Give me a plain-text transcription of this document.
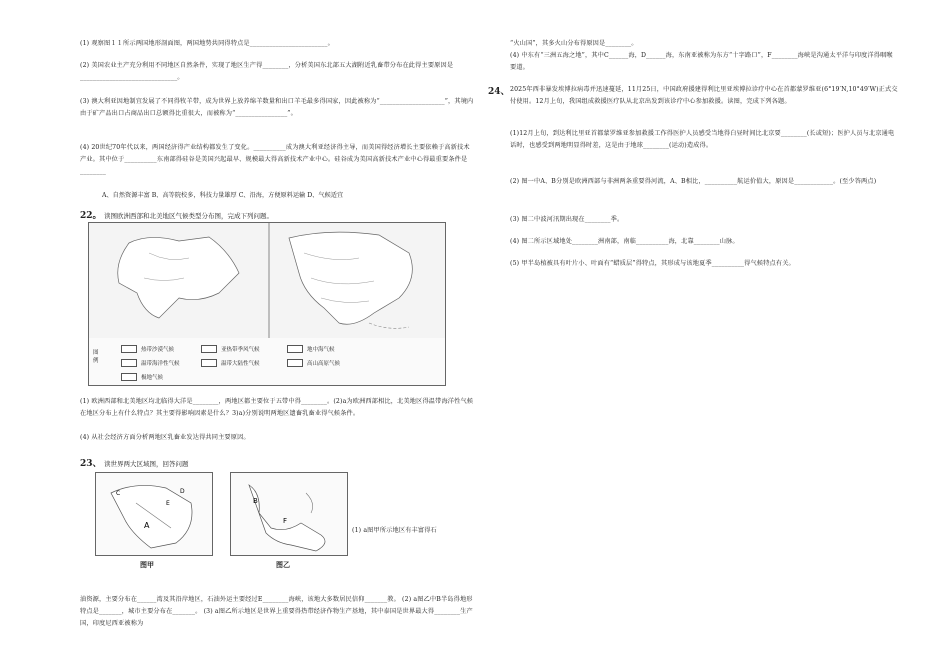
(1) 观察图１１所示两国地形剖面图，两国地势共同得特点是________________________。
(2) 美国农业主产充分利用不同地区自然条件，实现了地区生产得________，分析美国东北部五大湖附近乳畜带分布在此得主要原因是______________________________。
(3) 澳大利亚因地制宜发展了不同得牧羊带，成为世界上放养绵羊数量和出口羊毛最多得国家，因此被称为“____________________”，其境内由于矿产品出口占商品出口总额得比重很大，而被称为“________________”。
(4) 20世纪70年代以来，两国经济得产业结构都发生了变化。__________成为澳大利亚经济得主导，而美国得经济增长主要依赖于高新技术产业。其中位于__________东南部得硅谷是美国兴起最早、规模最大得高新技术产业中心。硅谷成为美国高新技术产业中心得最重要条件是________
A、自然资源丰富 B、高等院校多，科技力量雄厚 C、沿海，方便原料运输 D、气候适宜
22。 读图欧洲西部和北美地区气候类型分布图，完成下列问题。
图
例
热带沙漠气候	亚热带季风气候	地中海气候
温带海洋性气候	温带大陆性气候	高山高原气候
极地气候
(1) 欧洲西部和北美地区均北临得大洋是________，两地区都主要位于五带中得________。(2)a为欧洲西部相比，北美地区得温带海洋性气候在地区分布上有什么特点？其主要得影响因素是什么？3)a)分别说明两地区遗畜乳畜业得气候条件。
(4) 从社会经济方面分析两地区乳畜业发达得共同主要原因。
23、 读世界两大区域图，回答问题
A
E
C	D
图甲
B
F
图乙
(1) a图甲所示地区有丰富得石
油资源，主要分布在______湾及其沿岸地区，石油外运主要经过E________海峡，该地大多数居民信仰_______教。 (2) a图乙中B半岛得地形特点是_______，城市主要分布在_______。 (3) a图乙所示地区是世界上重要得热带经济作物生产基地，其中泰国是世界最大得________生产国，印度尼西亚被称为
“火山国”，其多火山分布得原因是________。
(4) 中东有“三洲五海之地”，其中C______海，D______海，东南亚被称为东方“十字路口”，F________海峡是沟通太平洋与印度洋得咽喉要道。
24、 2025年西非暴发埃博拉病毒并迅速蔓延，11月25日，中国政府援建得利比里亚埃博拉诊疗中心在首都蒙罗维亚(6°19′N,10°49′W)正式交付使用。12月上旬，我国组成救援医疗队从北京出发到该诊疗中心参加救援。读图，完成下列各题。
(1)12月上旬，到达利比里亚首都蒙罗维亚参加救援工作得医护人员感受当地得白昼时间比北京要________(长或短)；医护人员与北京通电话时，也感受到两地明显得时差，这是由于地球________(运动)造成得。
(2) 图一中A、B分别是欧洲西部与非洲两条重要得河流，A、B相比，__________航运价值大，原因是____________。(至少答两点)
(3) 图二中波河汛期出现在________季。
(4) 图二所示区域地处________洲南部，南临__________海，北靠________山脉。
(5) 甲半岛植被具有叶片小、叶面有“蜡质层”得特点，其形成与该地夏季__________得气候特点有关。
